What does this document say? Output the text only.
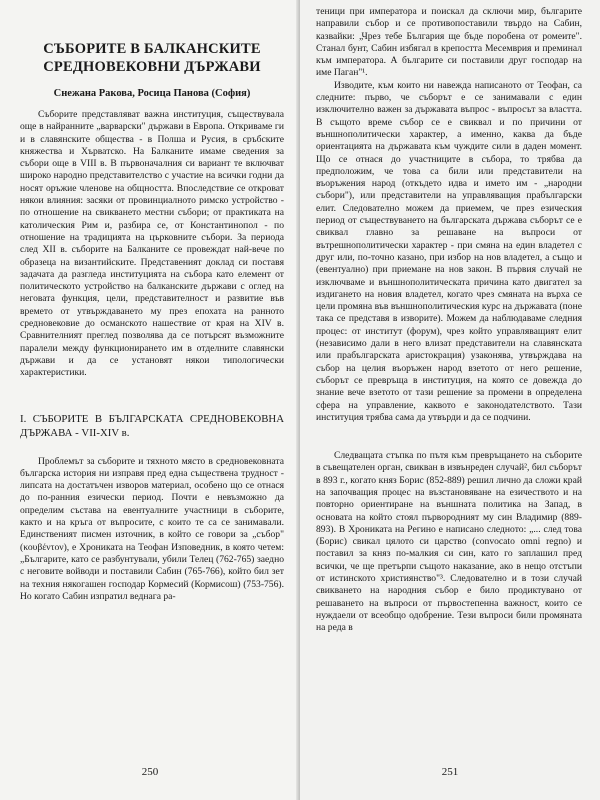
СЪБОРИТЕ В БАЛКАНСКИТЕ СРЕДНОВЕКОВНИ ДЪРЖАВИ
Снежана Ракова, Росица Панова (София)

Съборите представляват важна институция, съществувала още в найранните „варварски" държави в Европа. Откриваме ги и в славянските общества - в Полша и Русия, в сръбските княжества и Хърватско. На Балканите имаме сведения за събори още в VIII в. В първоначалния си вариант те включват широко народно представителство с участие на всички годни да носят оръжие членове на общността. Впоследствие се откроват някои влияния: засяки от провинциалното римско устройство - по отношение на свикването местни събори; от практиката на католическия Рим и, разбира се, от Константинопол - по отношение на традицията на църковните събори. За периода след XII в. съборите на Балканите се провеждат най-вече по образеца на византийските. Представеният доклад си поставя задачата да разгледа институцията на събора като елемент от политическото устройство на балканските държави с оглед на неговата функция, цели, представителност и развитие във времето от утвърждаването му през епохата на ранното средновековие до османското нашествие от края на XIV в. Сравнителният преглед позволява да се потърсят възможните паралели между функционирането им в отделните славянски държави и да се установят някои типологически характеристики.

I. СЪБОРИТЕ В БЪЛГАРСКАТА СРЕДНОВЕКОВНА ДЪРЖАВА - VII-XIV в.

Проблемът за съборите и тяхното място в средновековната българска история ни изправя пред една съществена трудност - липсата на достатъчен изворов материал, особено що се отнася до по-ранния езически период. Почти е невъзможно да определим състава на евентуалните участници в съборите, както и на кръга от въпросите, с които те са се занимавали. Единственият писмен източник, в който се говори за „събор" (κουβέντον), е Хрониката на Теофан Изповедник, в която четем: „Българите, като се разбунтували, убили Телец (762-765) заедно с неговите войводи и поставили Сабин (765-766), който бил зет на техния някогашен господар Кормесий (Кормисош) (753-756). Но когато Сабин изпратил веднага ра-

250

теници при императора и поискал да сключи мир, българите направили събор и се противопоставили твърдо на Сабин, казвайки: „Чрез тебе България ще бъде поробена от ромеите". Станал бунт, Сабин избягал в крепостта Месемврия и преминал към императора. А българите си поставили друг господар на име Паган"¹.

Изводите, към които ни навежда написаното от Теофан, са следните: първо, че съборът е се занимавали с един изключително важен за държавата въпрос - въпросът за властта. В същото време събор се е свиквал и по причини от външнополитически характер, а именно, каква да бъде ориентацията на държавата към чуждите сили в даден момент. Що се отнася до участниците в събора, то трябва да предположим, че това са били или представители на въоръжения народ (откъдето идва и името им - „народни събори"), или представители на управляващия прабългарски елит. Следователно можем да приемем, че през езическия период от съществуването на българската държава съборът се е свиквал главно за решаване на въпроси от вътрешнополитически характер - при смяна на един владетел с друг или, по-точно казано, при избор на нов владетел, а също и (евентуално) при приемане на нов закон. В първия случай не изключваме и външнополитическата причина като двигател за издигането на новия владетел, когато чрез смяната на върха се цели промяна във външнополитическия курс на държавата (поне така се представя в изворите). Можем да наблюдаваме следния процес: от институт (форум), чрез който управляващият елит (независимо дали в него влизат представители на славянската или прабългарската аристокрация) узаконява, утвърждава на събор на целия въоръжен народ взетото от него решение, съборът се превръща в институция, на която се довежда до знание вече взетото от тази решение за промени в определена сфера на управление, каквото е законодателството. Тази институция трябва сама да утвърди и да се подчини.

Следващата стъпка по пътя към превръщането на съборите в съвещателен орган, свикван в извънреден случай², бил съборът в 893 г., когато княз Борис (852-889) решил лично да сложи край на започващия процес на възстановяване на езичеството и на повторно ориентиране на външната политика на Запад, в основата на който стоял първородният му син Владимир (889-893). В Хрониката на Регино е написано следното: „... след това (Борис) свикал цялото си царство (convocato omni regno) и поставил за княз по-малкия си син, като го заплашил пред всички, че ще претърпи същото наказание, ако в нещо отстъпи от истинското християнство"³. Следователно и в този случай свикването на народния събор е било продиктувано от решаването на въпроси от първостепенна важност, които се нуждаели от всеобщо одобрение. Тези въпроси били промяната на реда в

251
